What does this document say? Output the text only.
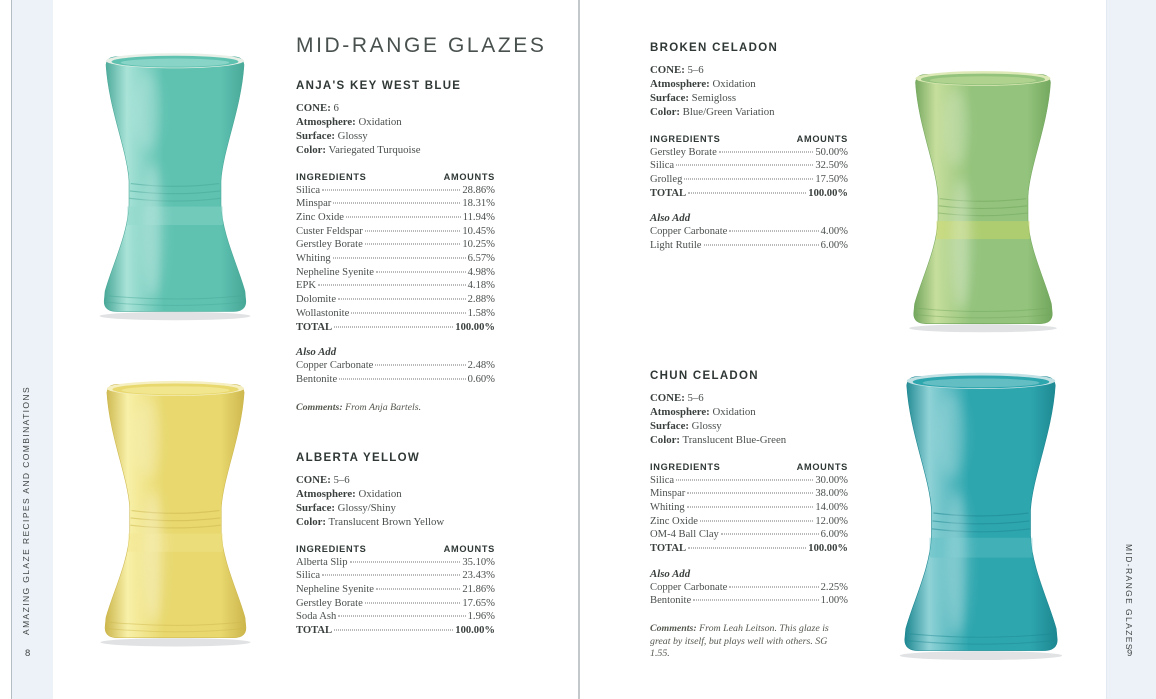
AMAZING GLAZE RECIPES AND COMBINATIONS	MID-RANGE GLAZES
8	9
MID-RANGE GLAZES
ANJA'S KEY WEST BLUE
CONE: 6
Atmosphere: Oxidation
Surface: Glossy
Color: Variegated Turquoise
INGREDIENTS	AMOUNTS
Silica	28.86%
Minspar	18.31%
Zinc Oxide	11.94%
Custer Feldspar	10.45%
Gerstley Borate	10.25%
Whiting	6.57%
Nepheline Syenite	4.98%
EPK	4.18%
Dolomite	2.88%
Wollastonite	1.58%
TOTAL	100.00%
Also Add
Copper Carbonate	2.48%
Bentonite	0.60%
Comments: From Anja Bartels.
ALBERTA YELLOW
CONE: 5–6
Atmosphere: Oxidation
Surface: Glossy/Shiny
Color: Translucent Brown Yellow
INGREDIENTS	AMOUNTS
Alberta Slip	35.10%
Silica	23.43%
Nepheline Syenite	21.86%
Gerstley Borate	17.65%
Soda Ash	1.96%
TOTAL	100.00%
BROKEN CELADON
CONE: 5–6
Atmosphere: Oxidation
Surface: Semigloss
Color: Blue/Green Variation
INGREDIENTS	AMOUNTS
Gerstley Borate	50.00%
Silica	32.50%
Grolleg	17.50%
TOTAL	100.00%
Also Add
Copper Carbonate	4.00%
Light Rutile	6.00%
CHUN CELADON
CONE: 5–6
Atmosphere: Oxidation
Surface: Glossy
Color: Translucent Blue-Green
INGREDIENTS	AMOUNTS
Silica	30.00%
Minspar	38.00%
Whiting	14.00%
Zinc Oxide	12.00%
OM-4 Ball Clay	6.00%
TOTAL	100.00%
Also Add
Copper Carbonate	2.25%
Bentonite	1.00%
Comments: From Leah Leitson. This glaze is great by itself, but plays well with others. SG 1.55.
